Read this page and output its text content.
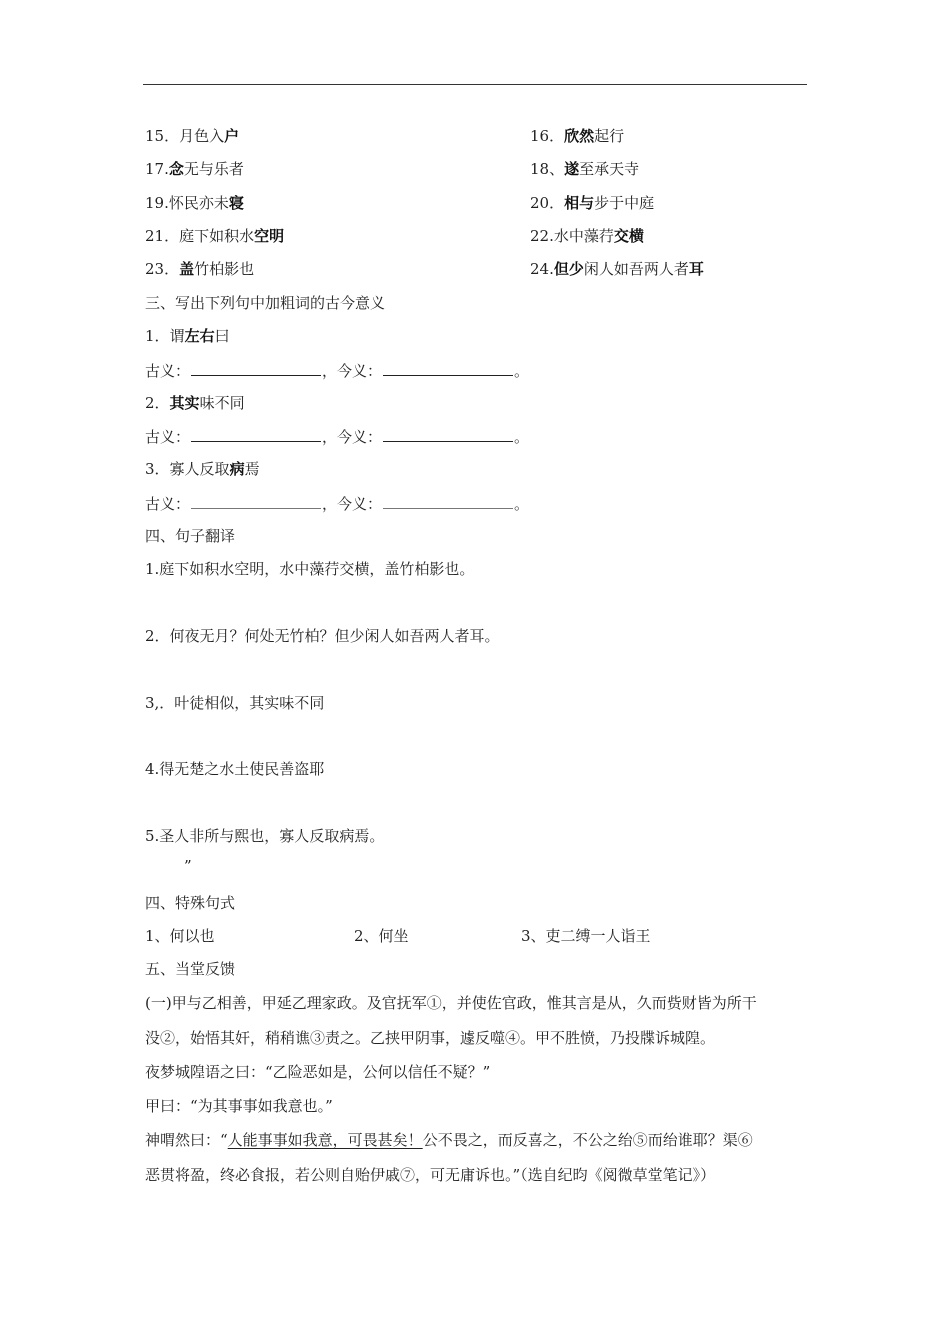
15．月色入户	16．欣然起行
17.念无与乐者	18、遂至承天寺
19.怀民亦未寝	20．相与步于中庭
21．庭下如积水空明	22.水中藻荇交横
23．盖竹柏影也	24.但少闲人如吾两人者耳
三、写出下列句中加粗词的古今意义
1．谓左右曰
古义：	，今义：	。
2．其实味不同
古义：	，今义：	。
3．寡人反取病焉
古义：	，今义：	。
四、句子翻译
1.庭下如积水空明，水中藻荇交横，盖竹柏影也。
2．何夜无月？何处无竹柏？但少闲人如吾两人者耳。
3,．叶徒相似，其实味不同
4.得无楚之水土使民善盗耶
5.圣人非所与熙也，寡人反取病焉。
”
四、特殊句式
1、何以也	2、何坐	3、吏二缚一人诣王
五、当堂反馈
(一)甲与乙相善，甲延乙理家政。及官抚军①，并使佐官政，惟其言是从，久而赀财皆为所干
没②，始悟其奸，稍稍谯③责之。乙挟甲阴事，遽反噬④。甲不胜愤，乃投牒诉城隍。
夜梦城隍语之曰：“乙险恶如是，公何以信任不疑？”
甲曰：“为其事事如我意也。”
神喟然曰：“人能事事如我意，可畏甚矣！公不畏之，而反喜之，不公之绐⑤而绐谁耶？渠⑥
恶贯将盈，终必食报，若公则自贻伊戚⑦，可无庸诉也。”（选自纪昀《阅微草堂笔记》）
